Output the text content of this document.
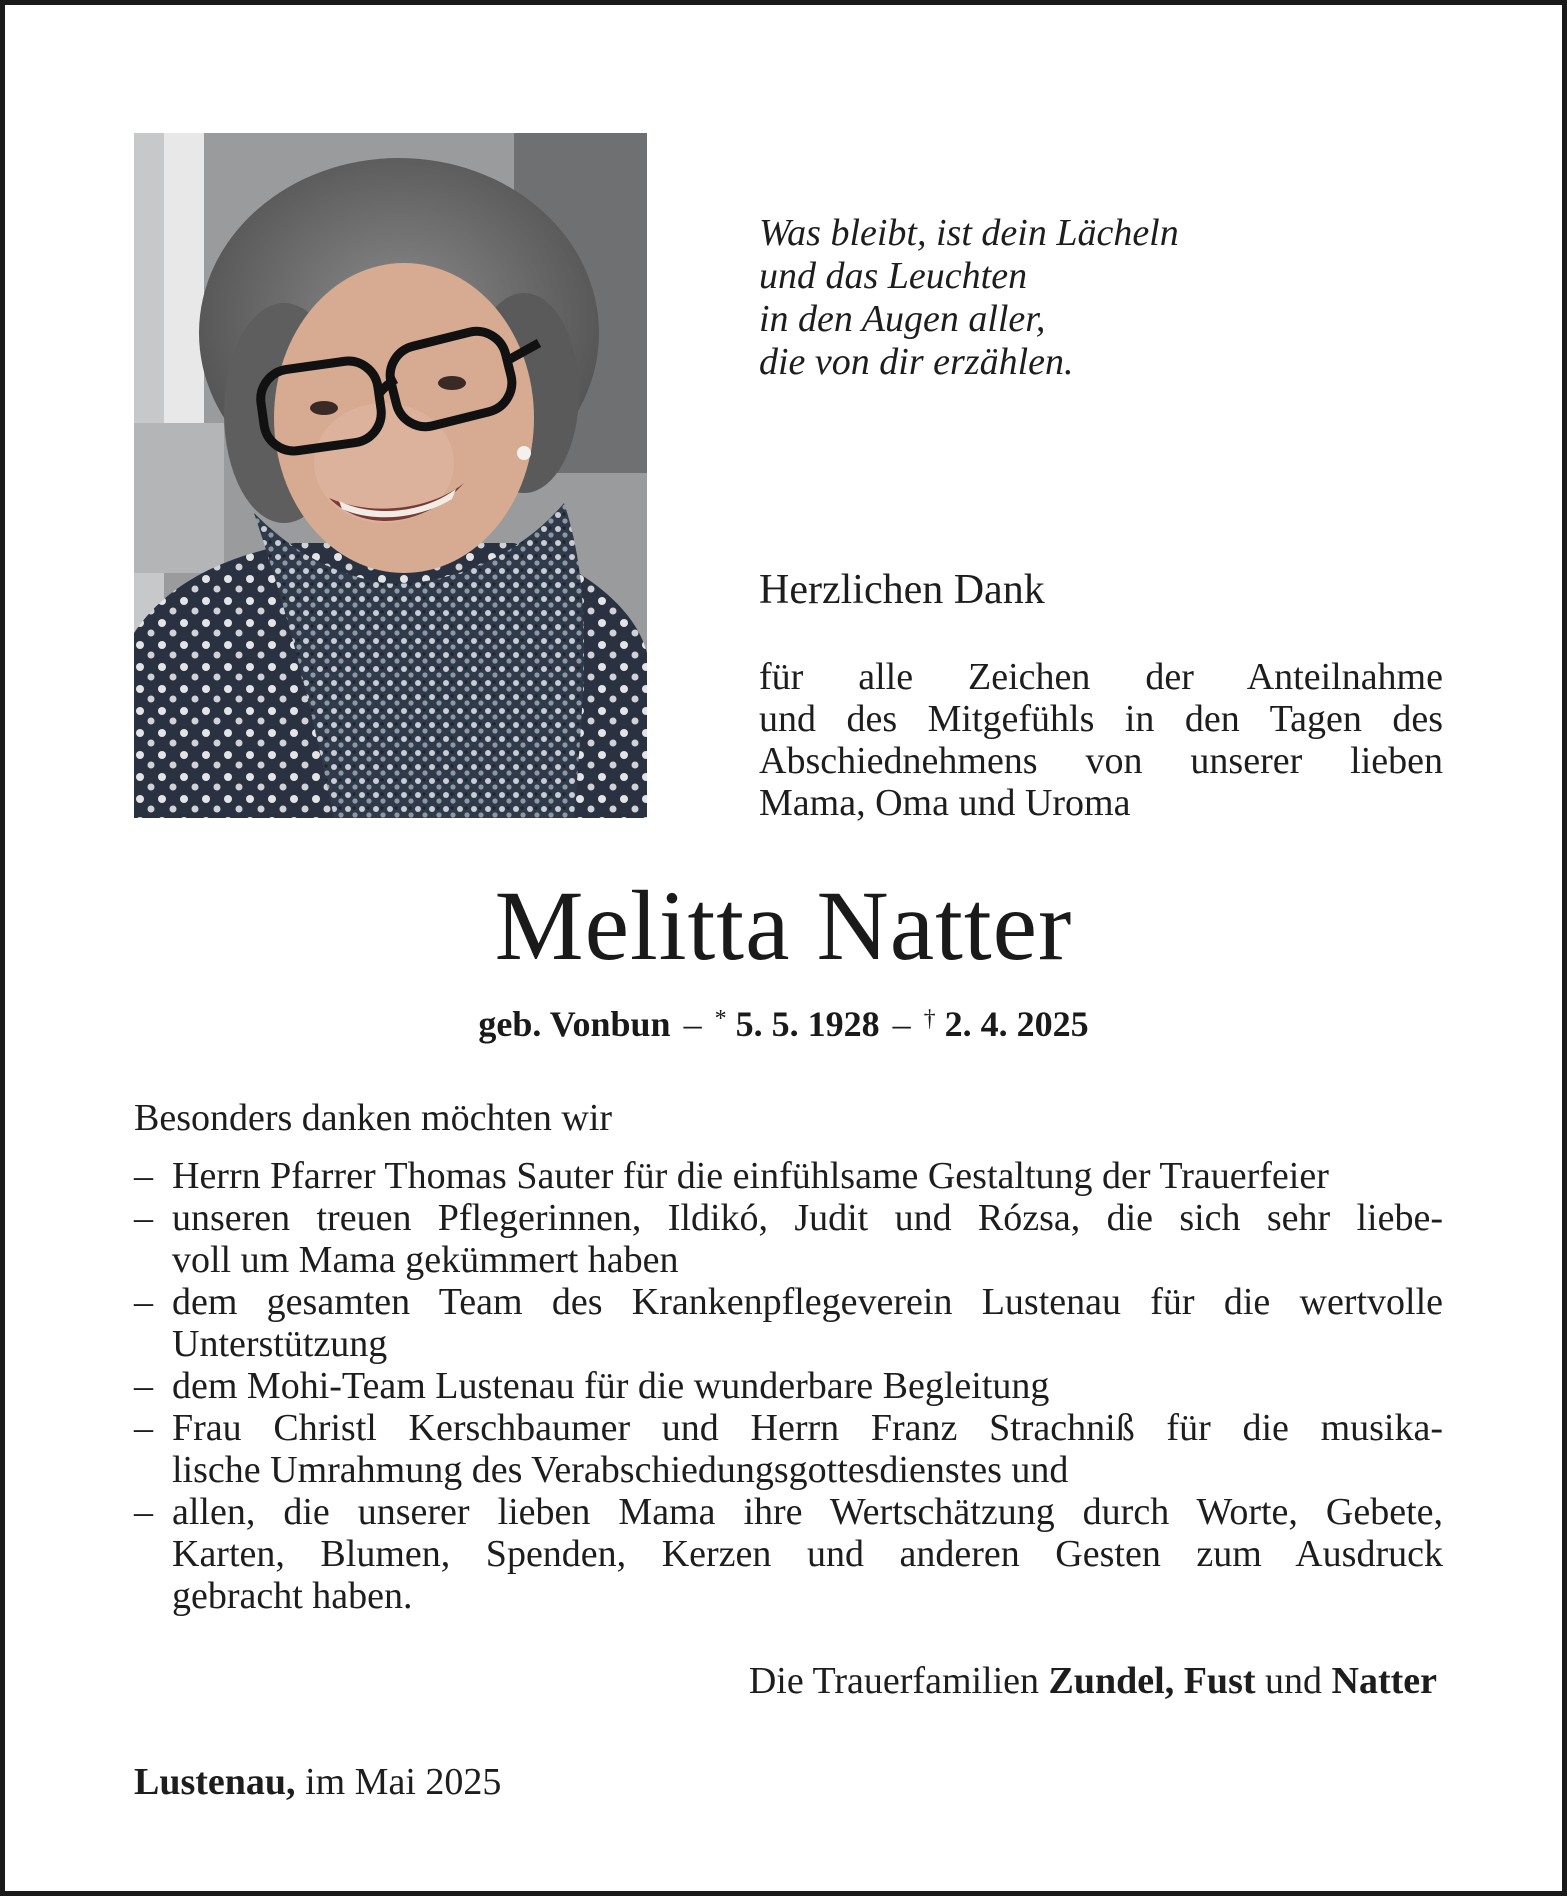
Was bleibt, ist dein Lächeln
und das Leuchten
in den Augen aller,
die von dir erzählen.
Herzlichen Dank
für alle Zeichen der Anteilnahme
und des Mitgefühls in den Tagen des
Abschiednehmens von unserer lieben
Mama, Oma und Uroma
Melitta Natter
geb. Vonbun – * 5. 5. 1928 – † 2. 4. 2025
Besonders danken möchten wir
– Herrn Pfarrer Thomas Sauter für die einfühlsame Gestaltung der Trauerfeier
– unseren treuen Pflegerinnen, Ildikó, Judit und Rózsa, die sich sehr liebe-
voll um Mama gekümmert haben
– dem gesamten Team des Krankenpflegeverein Lustenau für die wertvolle
Unterstützung
– dem Mohi-Team Lustenau für die wunderbare Begleitung
– Frau Christl Kerschbaumer und Herrn Franz Strachniß für die musika-
lische Umrahmung des Verabschiedungsgottesdienstes und
– allen, die unserer lieben Mama ihre Wertschätzung durch Worte, Gebete,
Karten, Blumen, Spenden, Kerzen und anderen Gesten zum Ausdruck
gebracht haben.
Die Trauerfamilien Zundel, Fust und Natter
Lustenau, im Mai 2025
